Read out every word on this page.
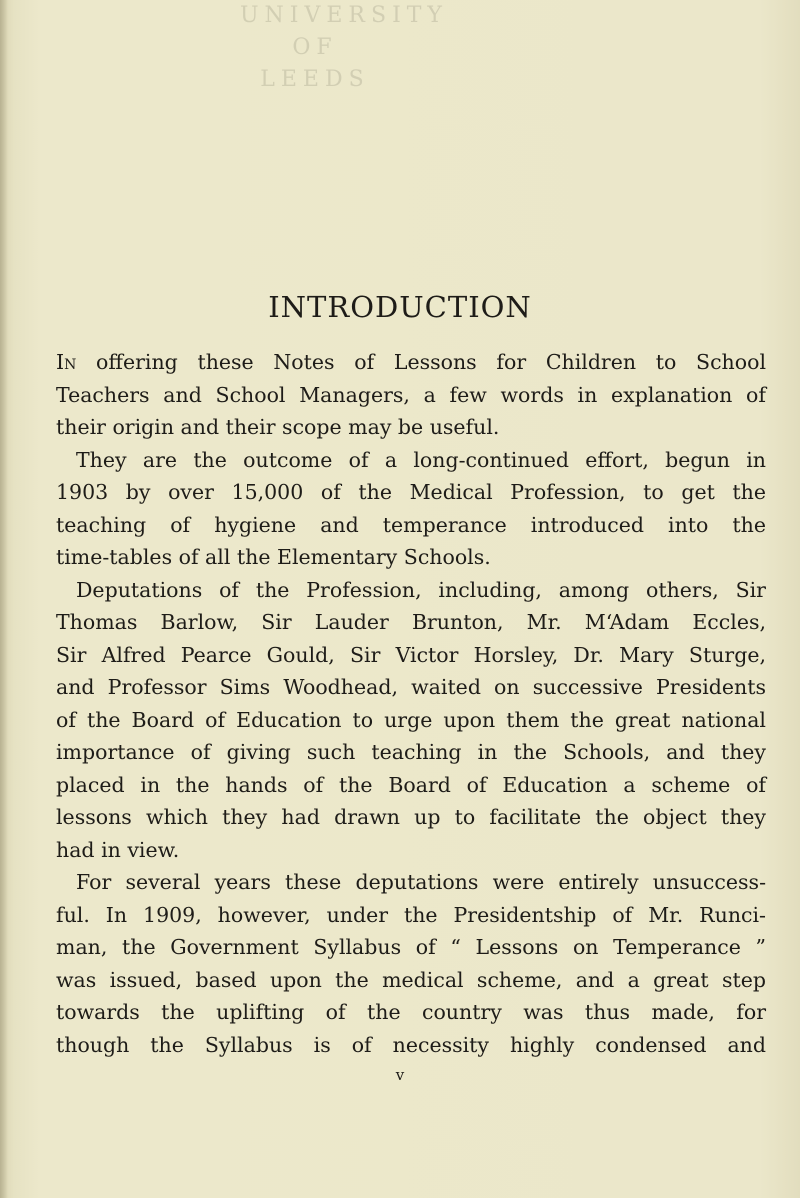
UNIVERSITY
OF LEEDS
INTRODUCTION
In offering these Notes of Lessons for Children to School
Teachers and School Managers, a few words in explanation of
their origin and their scope may be useful.
They are the outcome of a long-continued effort, begun in
1903 by over 15,000 of the Medical Profession, to get the
teaching of hygiene and temperance introduced into the
time-tables of all the Elementary Schools.
Deputations of the Profession, including, among others, Sir
Thomas Barlow, Sir Lauder Brunton, Mr. M‘Adam Eccles,
Sir Alfred Pearce Gould, Sir Victor Horsley, Dr. Mary Sturge,
and Professor Sims Woodhead, waited on successive Presidents
of the Board of Education to urge upon them the great national
importance of giving such teaching in the Schools, and they
placed in the hands of the Board of Education a scheme of
lessons which they had drawn up to facilitate the object they
had in view.
For several years these deputations were entirely unsuccess-
ful. In 1909, however, under the Presidentship of Mr. Runci-
man, the Government Syllabus of “ Lessons on Temperance ”
was issued, based upon the medical scheme, and a great step
towards the uplifting of the country was thus made, for
though the Syllabus is of necessity highly condensed and
v
